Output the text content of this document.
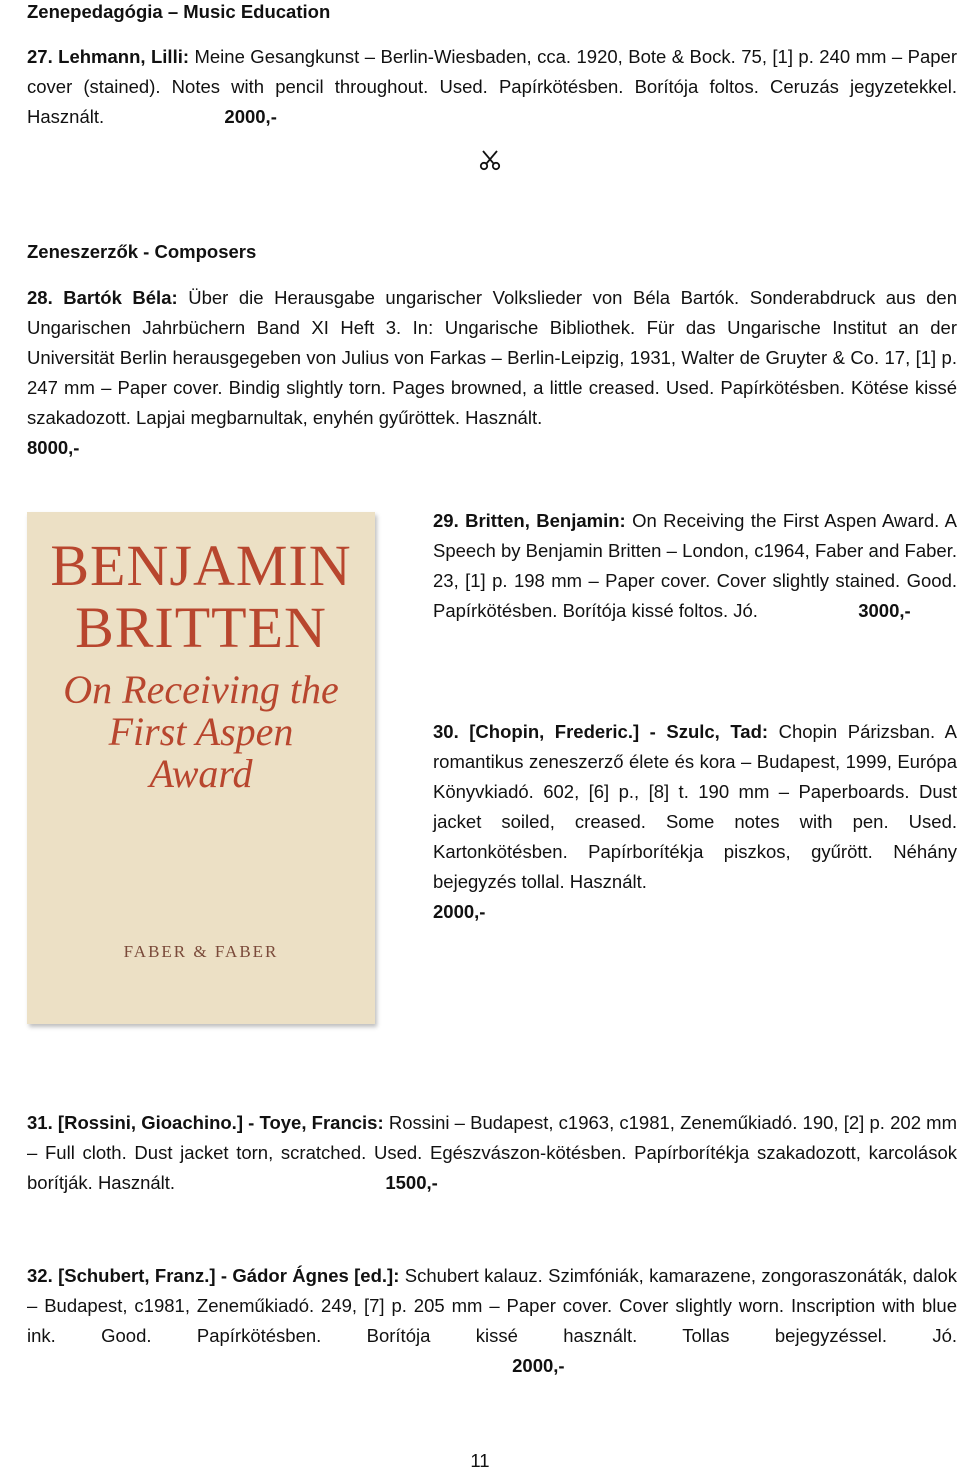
Zenepedagógia – Music Education
27. Lehmann, Lilli: Meine Gesangkunst – Berlin-Wiesbaden, cca. 1920, Bote & Bock. 75, [1] p. 240 mm – Paper cover (stained). Notes with pencil throughout. Used. Papírkötésben. Borítója foltos. Ceruzás jegyzetekkel. Használt.	2000,-
Zeneszerzők - Composers
28. Bartók Béla: Über die Herausgabe ungarischer Volkslieder von Béla Bartók. Sonderabdruck aus den Ungarischen Jahrbüchern Band XI Heft 3. In: Ungarische Bibliothek. Für das Ungarische Institut an der Universität Berlin herausgegeben von Julius von Farkas – Berlin-Leipzig, 1931, Walter de Gruyter & Co. 17, [1] p. 247 mm – Paper cover. Bindig slightly torn. Pages browned, a little creased. Used. Papírkötésben. Kötése kissé szakadozott. Lapjai megbarnultak, enyhén gyűröttek. Használt.
8000,-
BENJAMIN
BRITTEN
On Receiving the
First Aspen
Award
FABER & FABER
29. Britten, Benjamin: On Receiving the First Aspen Award. A Speech by Benjamin Britten – London, c1964, Faber and Faber. 23, [1] p. 198 mm – Paper cover. Cover slightly stained. Good. Papírkötésben. Borítója kissé foltos. Jó.	3000,-
30. [Chopin, Frederic.] - Szulc, Tad: Chopin Párizsban. A romantikus zeneszerző élete és kora – Budapest, 1999, Európa Könyvkiadó. 602, [6] p., [8] t. 190 mm – Paperboards. Dust jacket soiled, creased. Some notes with pen. Used. Kartonkötésben. Papírborítékja piszkos, gyűrött. Néhány bejegyzés tollal. Használt.
2000,-
31. [Rossini, Gioachino.] - Toye, Francis: Rossini – Budapest, c1963, c1981, Zeneműkiadó. 190, [2] p. 202 mm – Full cloth. Dust jacket torn, scratched. Used. Egészvászon-kötésben. Papírborítékja szakadozott, karcolások borítják. Használt.	1500,-
32. [Schubert, Franz.] - Gádor Ágnes [ed.]: Schubert kalauz. Szimfóniák, kamarazene, zongoraszonáták, dalok – Budapest, c1981, Zeneműkiadó. 249, [7] p. 205 mm – Paper cover. Cover slightly worn. Inscription with blue ink. Good. Papírkötésben. Borítója kissé használt. Tollas bejegyzéssel. Jó.  2000,-
11
